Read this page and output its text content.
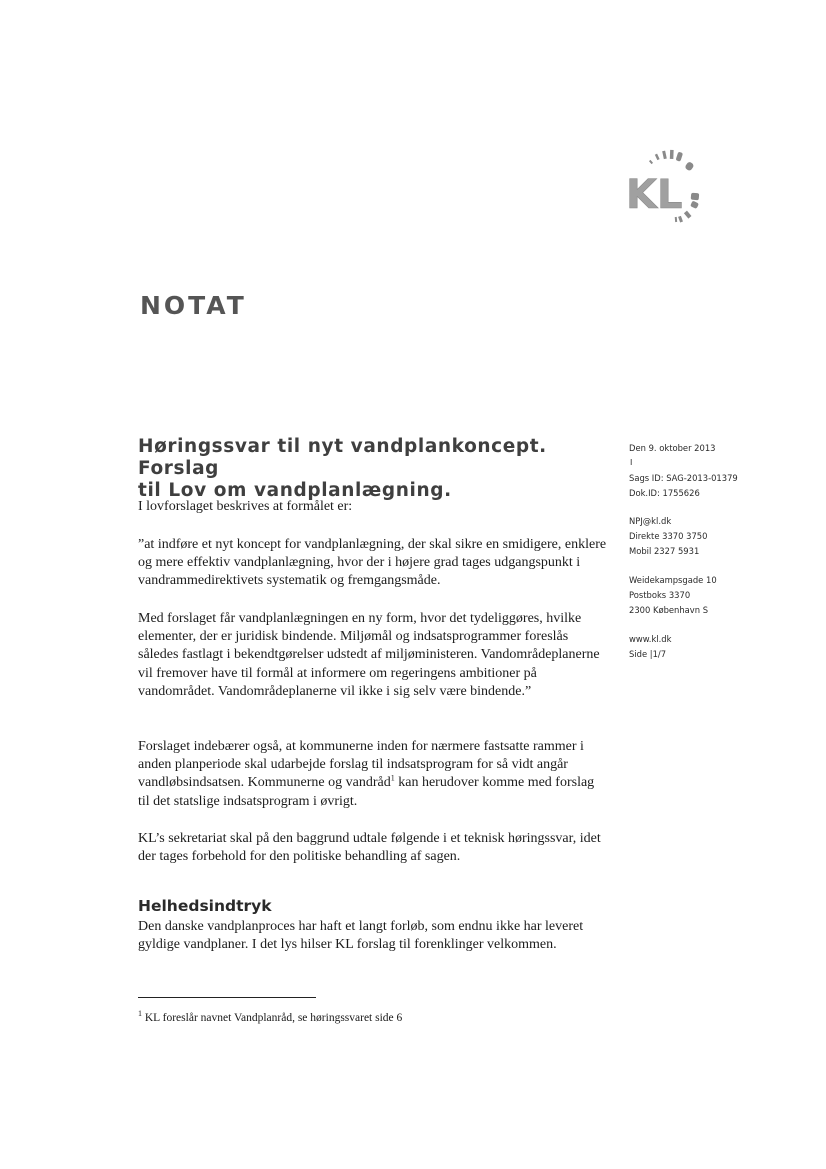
KL
NOTAT
Høringssvar til nyt vandplankoncept. Forslag
til Lov om vandplanlægning.

I lovforslaget beskrives at formålet er:

”at indføre et nyt koncept for vandplanlægning, der skal sikre en smidigere, enklere og mere effektiv vandplanlægning, hvor der i højere grad tages udgangspunkt i vandrammedirektivets systematik og fremgangsmåde.

Med forslaget får vandplanlægningen en ny form, hvor det tydeliggøres, hvilke elementer, der er juridisk bindende. Miljømål og indsatsprogrammer foreslås således fastlagt i bekendtgørelser udstedt af miljøministeren. Vandområdeplanerne vil fremover have til formål at informere om regeringens ambitioner på vandområdet. Vandområdeplanerne vil ikke i sig selv være bindende.”

Forslaget indebærer også, at kommunerne inden for nærmere fastsatte rammer i anden planperiode skal udarbejde forslag til indsatsprogram for så vidt angår vandløbsindsatsen. Kommunerne og vandråd$^1$ kan herudover komme med forslag til det statslige indsatsprogram i øvrigt.

KL’s sekretariat skal på den baggrund udtale følgende i et teknisk høringssvar, idet der tages forbehold for den politiske behandling af sagen.

Helhedsindtryk

Den danske vandplanproces har haft et langt forløb, som endnu ikke har leveret gyldige vandplaner. I det lys hilser KL forslag til forenklinger velkommen.

$^1$ KL foreslår navnet Vandplanråd, se høringssvaret side 6

Den 9. oktober 2013
I
Sags ID: SAG-2013-01379
Dok.ID: 1755626
NPJ@kl.dk
Direkte 3370 3750
Mobil 2327 5931
Weidekampsgade 10
Postboks 3370
2300 København S
www.kl.dk
Side |1/7
